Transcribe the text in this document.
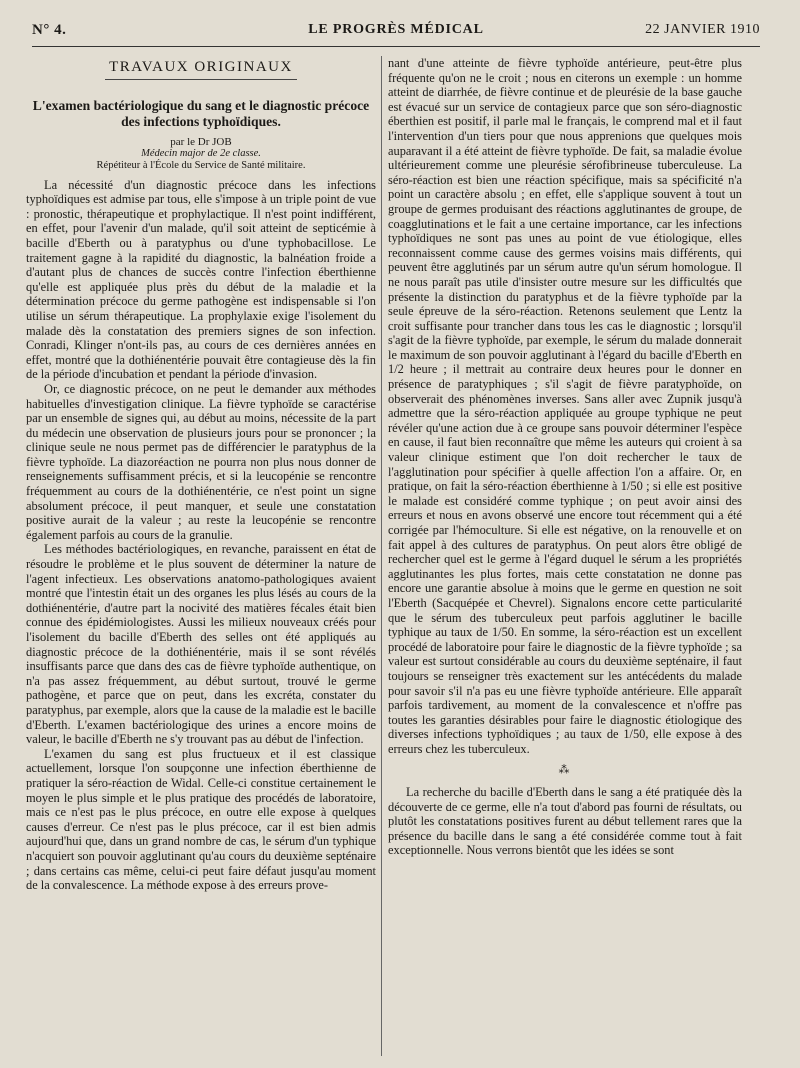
N° 4.	LE PROGRÈS MÉDICAL	22 JANVIER 1910
TRAVAUX ORIGINAUX
L'examen bactériologique du sang et le diagnostic précoce des infections typhoïdiques.
par le Dr JOB
Médecin major de 2e classe.
Répétiteur à l'École du Service de Santé militaire.

La nécessité d'un diagnostic précoce dans les infections typhoïdiques est admise par tous, elle s'impose à un triple point de vue : pronostic, thérapeutique et prophylactique. Il n'est point indifférent, en effet, pour l'avenir d'un malade, qu'il soit atteint de septicémie à bacille d'Eberth ou à paratyphus ou d'une typhobacillose. Le traitement gagne à la rapidité du diagnostic, la balnéation froide a d'autant plus de chances de succès contre l'infection éberthienne qu'elle est appliquée plus près du début de la maladie et la détermination précoce du germe pathogène est indispensable si l'on utilise un sérum thérapeutique. La prophylaxie exige l'isolement du malade dès la constatation des premiers signes de son infection. Conradi, Klinger n'ont-ils pas, au cours de ces dernières années en effet, montré que la dothiénentérie pouvait être contagieuse dès la fin de la période d'incubation et pendant la période d'invasion.

Or, ce diagnostic précoce, on ne peut le demander aux méthodes habituelles d'investigation clinique. La fièvre typhoïde se caractérise par un ensemble de signes qui, au début au moins, nécessite de la part du médecin une observation de plusieurs jours pour se prononcer ; la clinique seule ne nous permet pas de différencier le paratyphus de la fièvre typhoïde. La diazoréaction ne pourra non plus nous donner de renseignements suffisamment précis, et si la leucopénie se rencontre fréquemment au cours de la dothiénentérie, ce n'est point un signe absolument précoce, il peut manquer, et seule une constatation positive aurait de la valeur ; au reste la leucopénie se rencontre également parfois au cours de la granulie.

Les méthodes bactériologiques, en revanche, paraissent en état de résoudre le problème et le plus souvent de déterminer la nature de l'agent infectieux. Les observations anatomo-pathologiques avaient montré que l'intestin était un des organes les plus lésés au cours de la dothiénentérie, d'autre part la nocivité des matières fécales était bien connue des épidémiologistes. Aussi les milieux nouveaux créés pour l'isolement du bacille d'Eberth des selles ont été appliqués au diagnostic précoce de la dothiénentérie, mais il se sont révélés insuffisants parce que dans des cas de fièvre typhoïde authentique, on n'a pas assez fréquemment, au début surtout, trouvé le germe pathogène, et parce que on peut, dans les excréta, constater du paratyphus, par exemple, alors que la cause de la maladie est le bacille d'Eberth. L'examen bactériologique des urines a encore moins de valeur, le bacille d'Eberth ne s'y trouvant pas au début de l'infection.

L'examen du sang est plus fructueux et il est classique actuellement, lorsque l'on soupçonne une infection éberthienne de pratiquer la séro-réaction de Widal. Celle-ci constitue certainement le moyen le plus simple et le plus pratique des procédés de laboratoire, mais ce n'est pas le plus précoce, en outre elle expose à quelques causes d'erreur. Ce n'est pas le plus précoce, car il est bien admis aujourd'hui que, dans un grand nombre de cas, le sérum d'un typhique n'acquiert son pouvoir agglutinant qu'au cours du deuxième septénaire ; dans certains cas même, celui-ci peut faire défaut jusqu'au moment de la convalescence. La méthode expose à des erreurs prove-

nant d'une atteinte de fièvre typhoïde antérieure, peut-être plus fréquente qu'on ne le croit ; nous en citerons un exemple : un homme atteint de diarrhée, de fièvre continue et de pleurésie de la base gauche est évacué sur un service de contagieux parce que son séro-diagnostic éberthien est positif, il parle mal le français, le comprend mal et il faut l'intervention d'un tiers pour que nous apprenions que quelques mois auparavant il a été atteint de fièvre typhoïde. De fait, sa maladie évolue ultérieurement comme une pleurésie sérofibrineuse tuberculeuse. La séro-réaction est bien une réaction spécifique, mais sa spécificité n'a point un caractère absolu ; en effet, elle s'applique souvent à tout un groupe de germes produisant des réactions agglutinantes de groupe, de coagglutinations et le fait a une certaine importance, car les infections typhoïdiques ne sont pas unes au point de vue étiologique, elles reconnaissent comme cause des germes voisins mais différents, qui peuvent être agglutinés par un sérum autre qu'un sérum homologue. Il ne nous paraît pas utile d'insister outre mesure sur les difficultés que présente la distinction du paratyphus et de la fièvre typhoïde par la seule épreuve de la séro-réaction. Retenons seulement que Lentz la croit suffisante pour trancher dans tous les cas le diagnostic ; lorsqu'il s'agit de la fièvre typhoïde, par exemple, le sérum du malade donnerait le maximum de son pouvoir agglutinant à l'égard du bacille d'Eberth en 1/2 heure ; il mettrait au contraire deux heures pour le donner en présence de paratyphiques ; s'il s'agit de fièvre paratyphoïde, on observerait des phénomènes inverses. Sans aller avec Zupnik jusqu'à admettre que la séro-réaction appliquée au groupe typhique ne peut révéler qu'une action due à ce groupe sans pouvoir déterminer l'espèce en cause, il faut bien reconnaître que même les auteurs qui croient à sa valeur clinique estiment que l'on doit rechercher le taux de l'agglutination pour spécifier à quelle affection l'on a affaire. Or, en pratique, on fait la séro-réaction éberthienne à 1/50 ; si elle est positive le malade est considéré comme typhique ; on peut avoir ainsi des erreurs et nous en avons observé une encore tout récemment qui a été corrigée par l'hémoculture. Si elle est négative, on la renouvelle et on fait appel à des cultures de paratyphus. On peut alors être obligé de rechercher quel est le germe à l'égard duquel le sérum a les propriétés agglutinantes les plus fortes, mais cette constatation ne donne pas encore une garantie absolue à moins que le germe en question ne soit l'Eberth (Sacquépée et Chevrel). Signalons encore cette particularité que le sérum des tuberculeux peut parfois agglutiner le bacille typhique au taux de 1/50. En somme, la séro-réaction est un excellent procédé de laboratoire pour faire le diagnostic de la fièvre typhoïde ; sa valeur est surtout considérable au cours du deuxième septénaire, il faut toujours se renseigner très exactement sur les antécédents du malade pour savoir s'il n'a pas eu une fièvre typhoïde antérieure. Elle apparaît parfois tardivement, au moment de la convalescence et n'offre pas toutes les garanties désirables pour faire le diagnostic étiologique des diverses infections typhoïdiques ; au taux de 1/50, elle expose à des erreurs chez les tuberculeux.

⁂

La recherche du bacille d'Eberth dans le sang a été pratiquée dès la découverte de ce germe, elle n'a tout d'abord pas fourni de résultats, ou plutôt les constatations positives furent au début tellement rares que la présence du bacille dans le sang a été considérée comme tout à fait exceptionnelle. Nous verrons bientôt que les idées se sont
